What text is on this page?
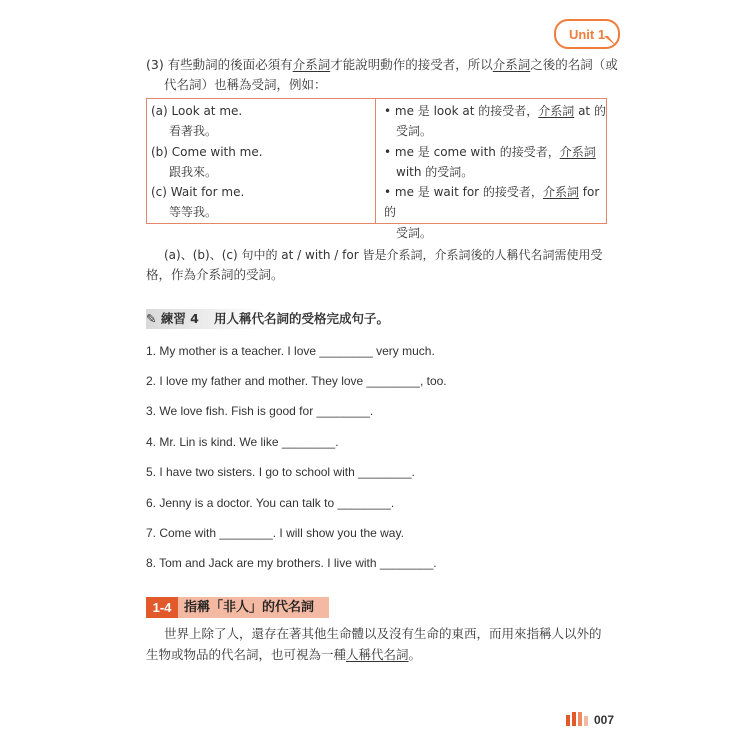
Unit 1
(3) 有些動詞的後面必須有介系詞才能說明動作的接受者，所以介系詞之後的名詞（或
代名詞）也稱為受詞，例如：
(a) Look at me.
看著我。
(b) Come with me.
跟我來。
(c) Wait for me.
等等我。
• me 是 look at 的接受者，介系詞 at 的
受詞。
• me 是 come with 的接受者，介系詞
with 的受詞。
• me 是 wait for 的接受者，介系詞 for 的
受詞。
(a)、(b)、(c) 句中的 at / with / for 皆是介系詞，介系詞後的人稱代名詞需使用受
格，作為介系詞的受詞。
✎ 練習 4 用人稱代名詞的受格完成句子。
1. My mother is a teacher. I love ________ very much.
2. I love my father and mother. They love ________, too.
3. We love fish. Fish is good for ________.
4. Mr. Lin is kind. We like ________.
5. I have two sisters. I go to school with ________.
6. Jenny is a doctor. You can talk to ________.
7. Come with ________. I will show you the way.
8. Tom and Jack are my brothers. I live with ________.
1-4 指稱「非人」的代名詞
世界上除了人，還存在著其他生命體以及沒有生命的東西，而用來指稱人以外的
生物或物品的代名詞，也可視為一種人稱代名詞。
007
